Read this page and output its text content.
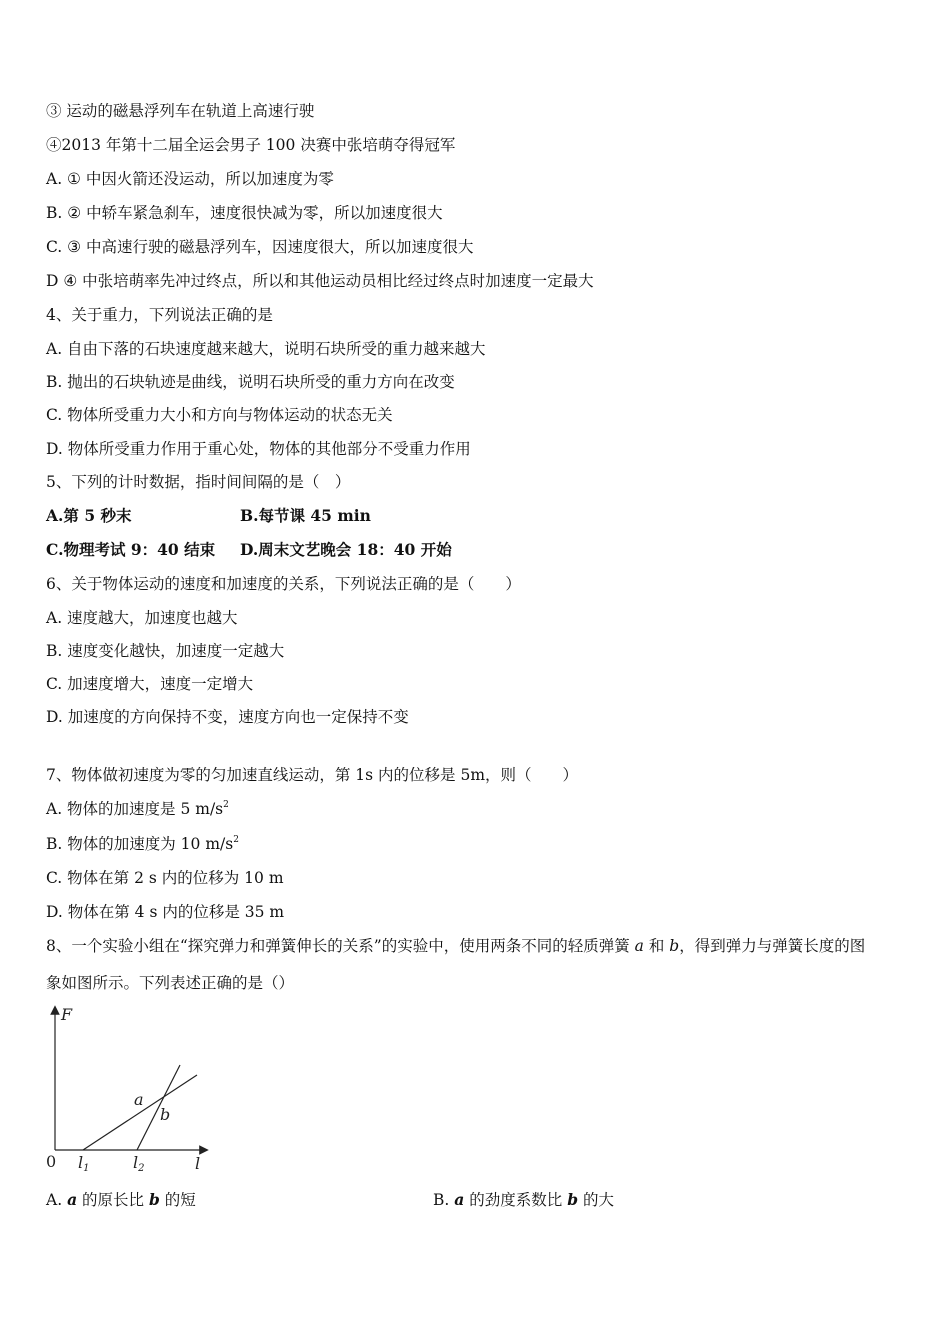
③ 运动的磁悬浮列车在轨道上高速行驶
④2013 年第十二届全运会男子 100 决赛中张培萌夺得冠军
A. ① 中因火箭还没运动，所以加速度为零
B. ② 中轿车紧急刹车，速度很快减为零，所以加速度很大
C. ③ 中高速行驶的磁悬浮列车，因速度很大，所以加速度很大
D ④ 中张培萌率先冲过终点，所以和其他运动员相比经过终点时加速度一定最大
4、关于重力，下列说法正确的是
A. 自由下落的石块速度越来越大，说明石块所受的重力越来越大
B. 抛出的石块轨迹是曲线，说明石块所受的重力方向在改变
C. 物体所受重力大小和方向与物体运动的状态无关
D. 物体所受重力作用于重心处，物体的其他部分不受重力作用
5、下列的计时数据，指时间间隔的是（　）
A.第 5 秒末	B.每节课 45 min
C.物理考试 9：40 结束 D.周末文艺晚会 18：40 开始
6、关于物体运动的速度和加速度的关系，下列说法正确的是（　　）
A. 速度越大，加速度也越大
B. 速度变化越快，加速度一定越大
C. 加速度增大，速度一定增大
D. 加速度的方向保持不变，速度方向也一定保持不变
7、物体做初速度为零的匀加速直线运动，第 1s 内的位移是 5m，则（　　）
A. 物体的加速度是 5 $m/s^2$
B. 物体的加速度为 10 $m/s^2$
C. 物体在第 2 s 内的位移为 10 m
D. 物体在第 4 s 内的位移是 35 m
8、一个实验小组在“探究弹力和弹簧伸长的关系”的实验中，使用两条不同的轻质弹簧 a 和 b，得到弹力与弹簧长度的图
象如图所示。下列表述正确的是（）
F
l
0
a
b
l1	l2
A. a 的原长比 b 的短	B. a 的劲度系数比 b 的大
